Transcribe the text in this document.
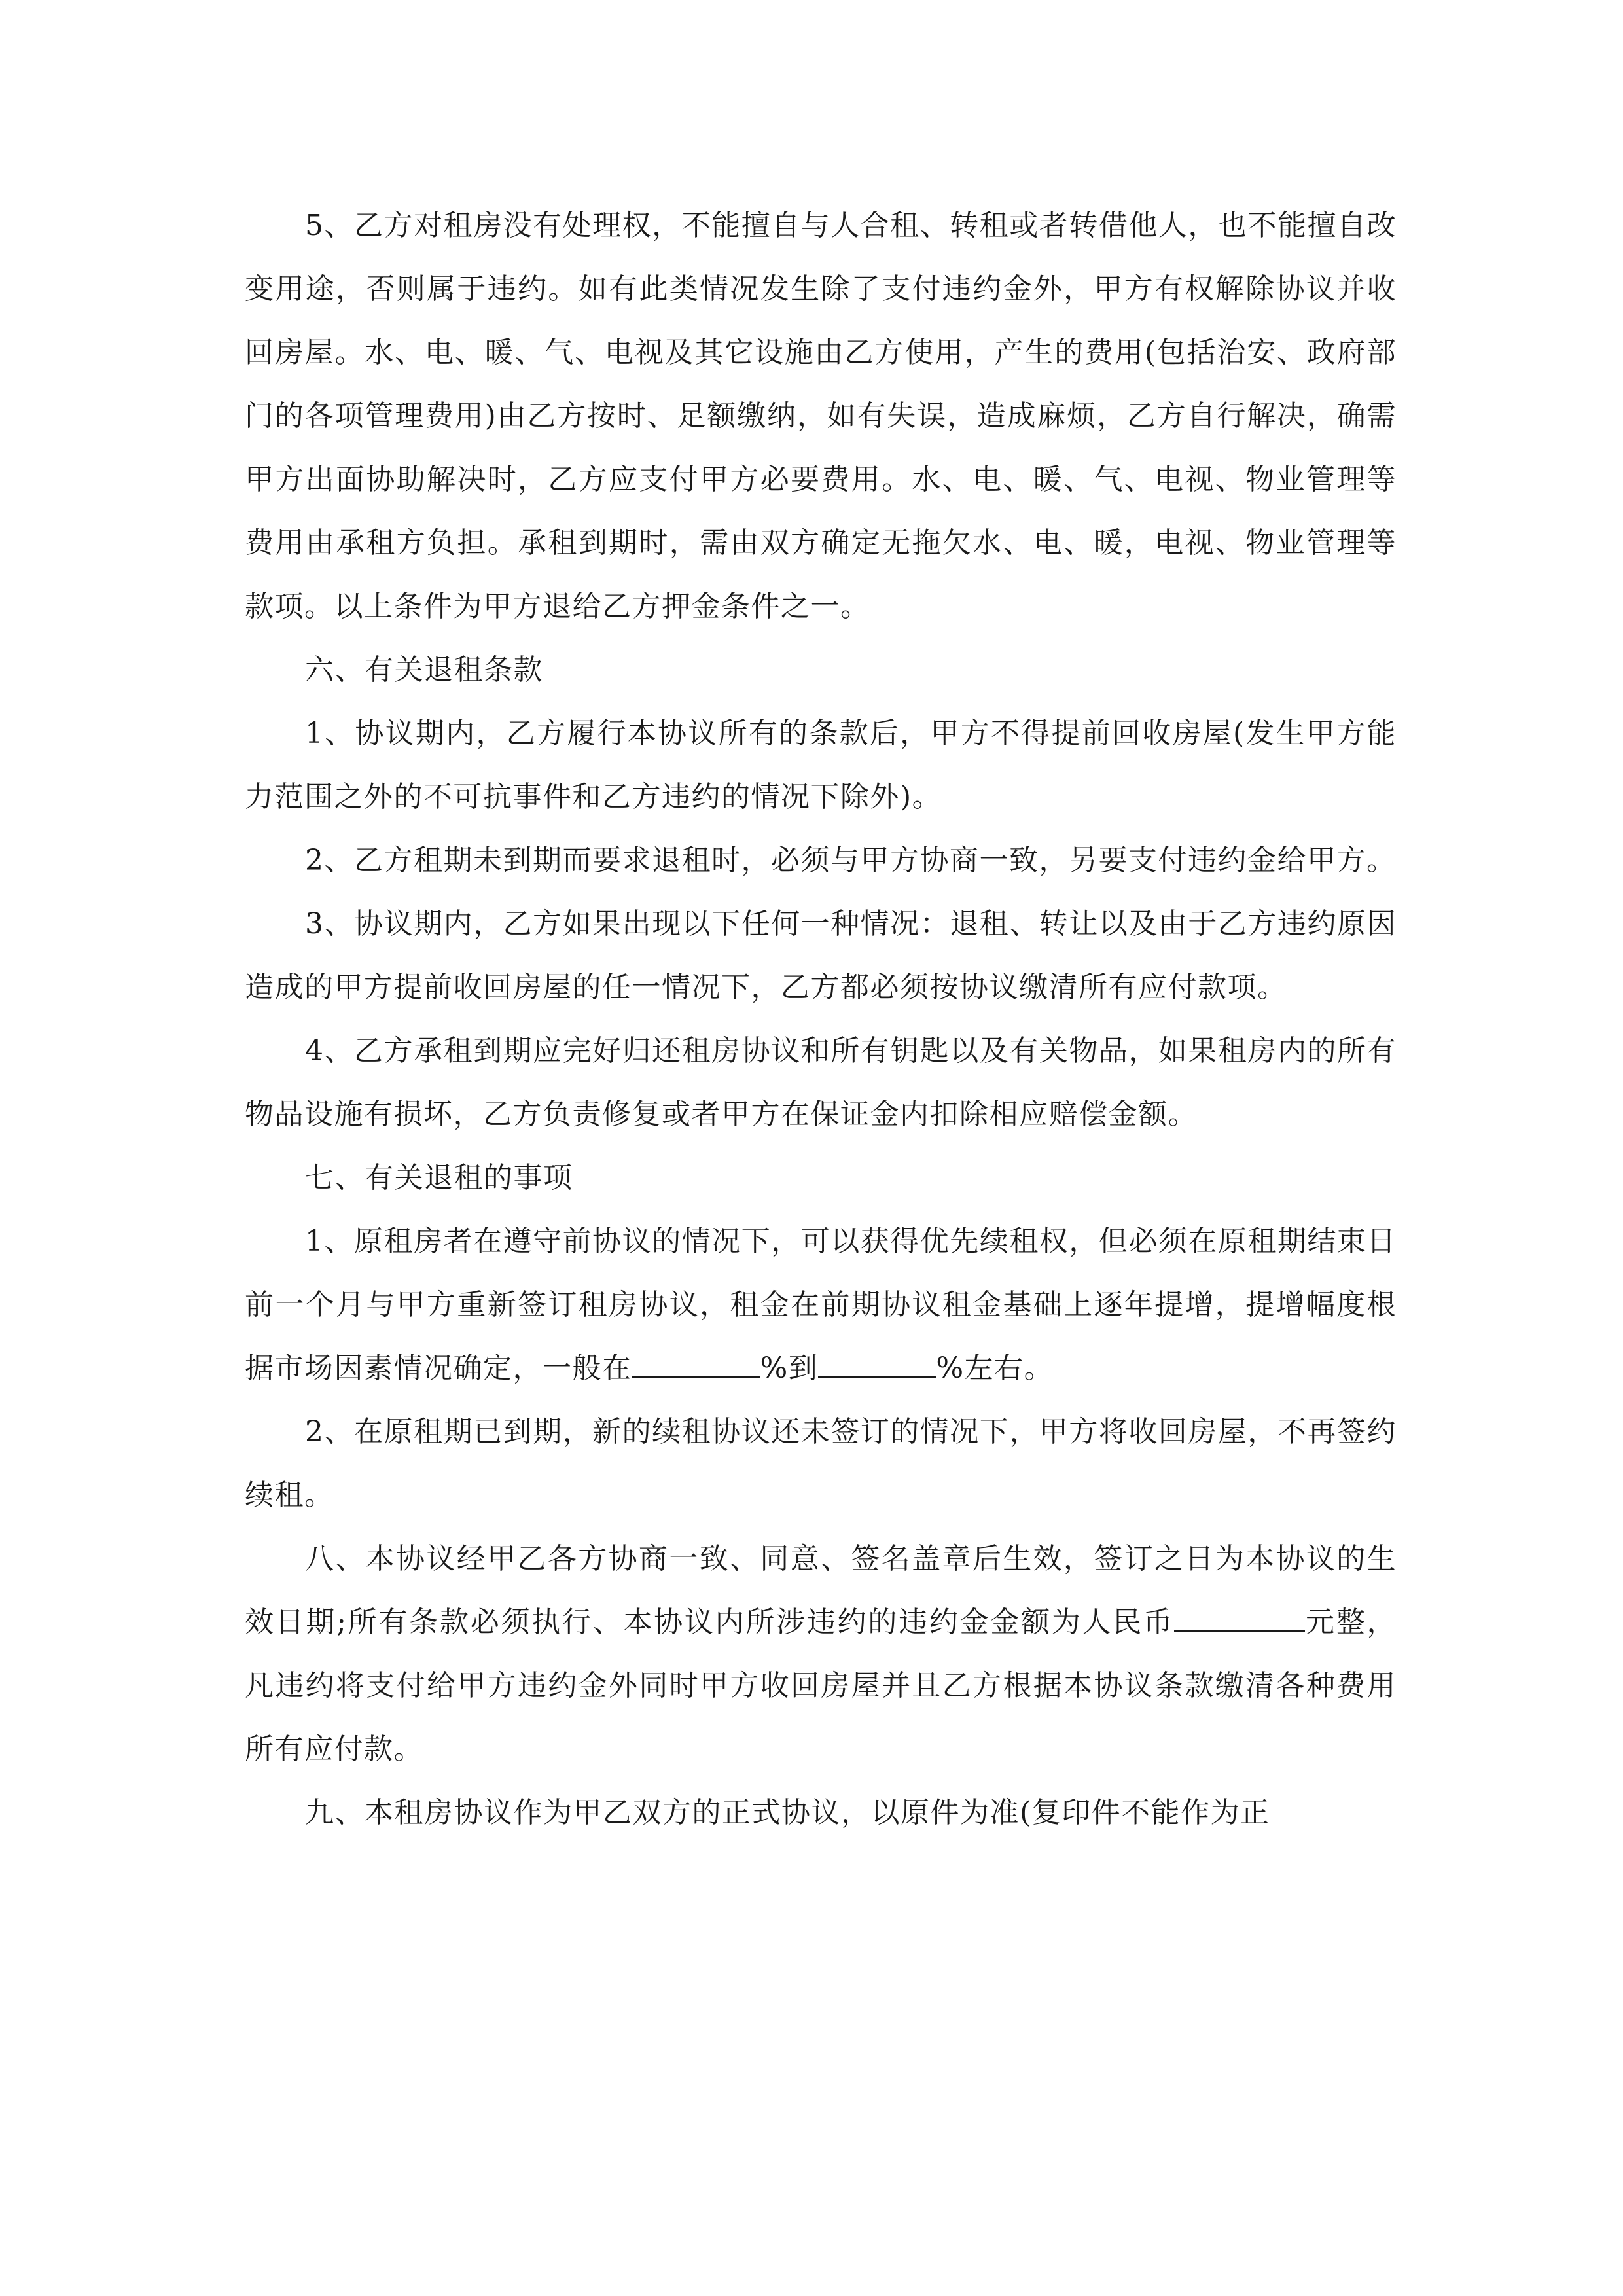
5、乙方对租房没有处理权，不能擅自与人合租、转租或者转借他人，也不能擅自改变用途，否则属于违约。如有此类情况发生除了支付违约金外，甲方有权解除协议并收回房屋。水、电、暖、气、电视及其它设施由乙方使用，产生的费用(包括治安、政府部门的各项管理费用)由乙方按时、足额缴纳，如有失误，造成麻烦，乙方自行解决，确需甲方出面协助解决时，乙方应支付甲方必要费用。水、电、暖、气、电视、物业管理等费用由承租方负担。承租到期时，需由双方确定无拖欠水、电、暖，电视、物业管理等款项。以上条件为甲方退给乙方押金条件之一。

六、有关退租条款

1、协议期内，乙方履行本协议所有的条款后，甲方不得提前回收房屋(发生甲方能力范围之外的不可抗事件和乙方违约的情况下除外)。

2、乙方租期未到期而要求退租时，必须与甲方协商一致，另要支付违约金给甲方。

3、协议期内，乙方如果出现以下任何一种情况：退租、转让以及由于乙方违约原因造成的甲方提前收回房屋的任一情况下，乙方都必须按协议缴清所有应付款项。

4、乙方承租到期应完好归还租房协议和所有钥匙以及有关物品，如果租房内的所有物品设施有损坏，乙方负责修复或者甲方在保证金内扣除相应赔偿金额。

七、有关退租的事项

1、原租房者在遵守前协议的情况下，可以获得优先续租权，但必须在原租期结束日前一个月与甲方重新签订租房协议，租金在前期协议租金基础上逐年提增，提增幅度根据市场因素情况确定，一般在	%到	%左右。

2、在原租期已到期，新的续租协议还未签订的情况下，甲方将收回房屋，不再签约续租。

八、本协议经甲乙各方协商一致、同意、签名盖章后生效，签订之日为本协议的生效日期;所有条款必须执行、本协议内所涉违约的违约金金额为人民币	元整，凡违约将支付给甲方违约金外同时甲方收回房屋并且乙方根据本协议条款缴清各种费用所有应付款。

九、本租房协议作为甲乙双方的正式协议，以原件为准(复印件不能作为正
